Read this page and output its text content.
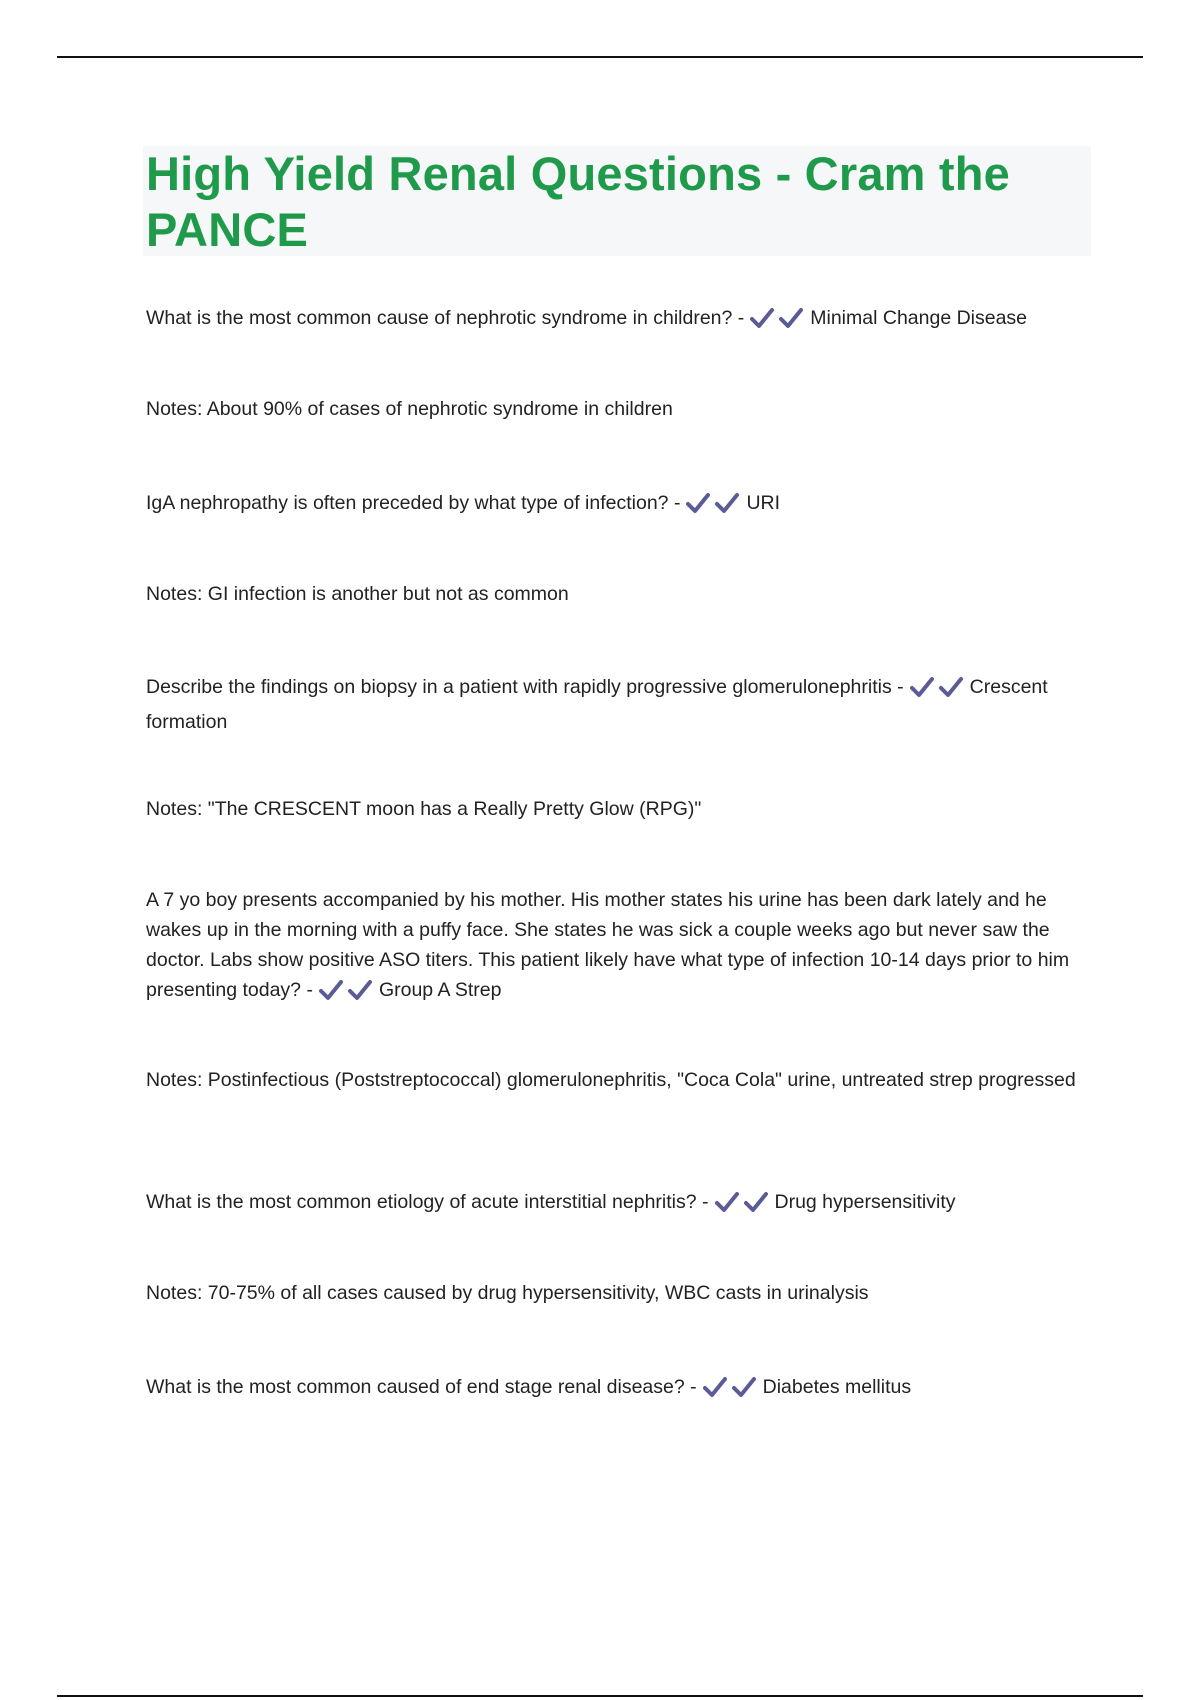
High Yield Renal Questions - Cram the PANCE
What is the most common cause of nephrotic syndrome in children? -	Minimal Change Disease
Notes: About 90% of cases of nephrotic syndrome in children
IgA nephropathy is often preceded by what type of infection? -	URI
Notes: GI infection is another but not as common
Describe the findings on biopsy in a patient with rapidly progressive glomerulonephritis -	Crescent formation
Notes: "The CRESCENT moon has a Really Pretty Glow (RPG)"
A 7 yo boy presents accompanied by his mother. His mother states his urine has been dark lately and he wakes up in the morning with a puffy face. She states he was sick a couple weeks ago but never saw the doctor. Labs show positive ASO titers. This patient likely have what type of infection 10-14 days prior to him presenting today? -	Group A Strep
Notes: Postinfectious (Poststreptococcal) glomerulonephritis, "Coca Cola" urine, untreated strep progressed
What is the most common etiology of acute interstitial nephritis? -	Drug hypersensitivity
Notes: 70-75% of all cases caused by drug hypersensitivity, WBC casts in urinalysis
What is the most common caused of end stage renal disease? -	Diabetes mellitus
